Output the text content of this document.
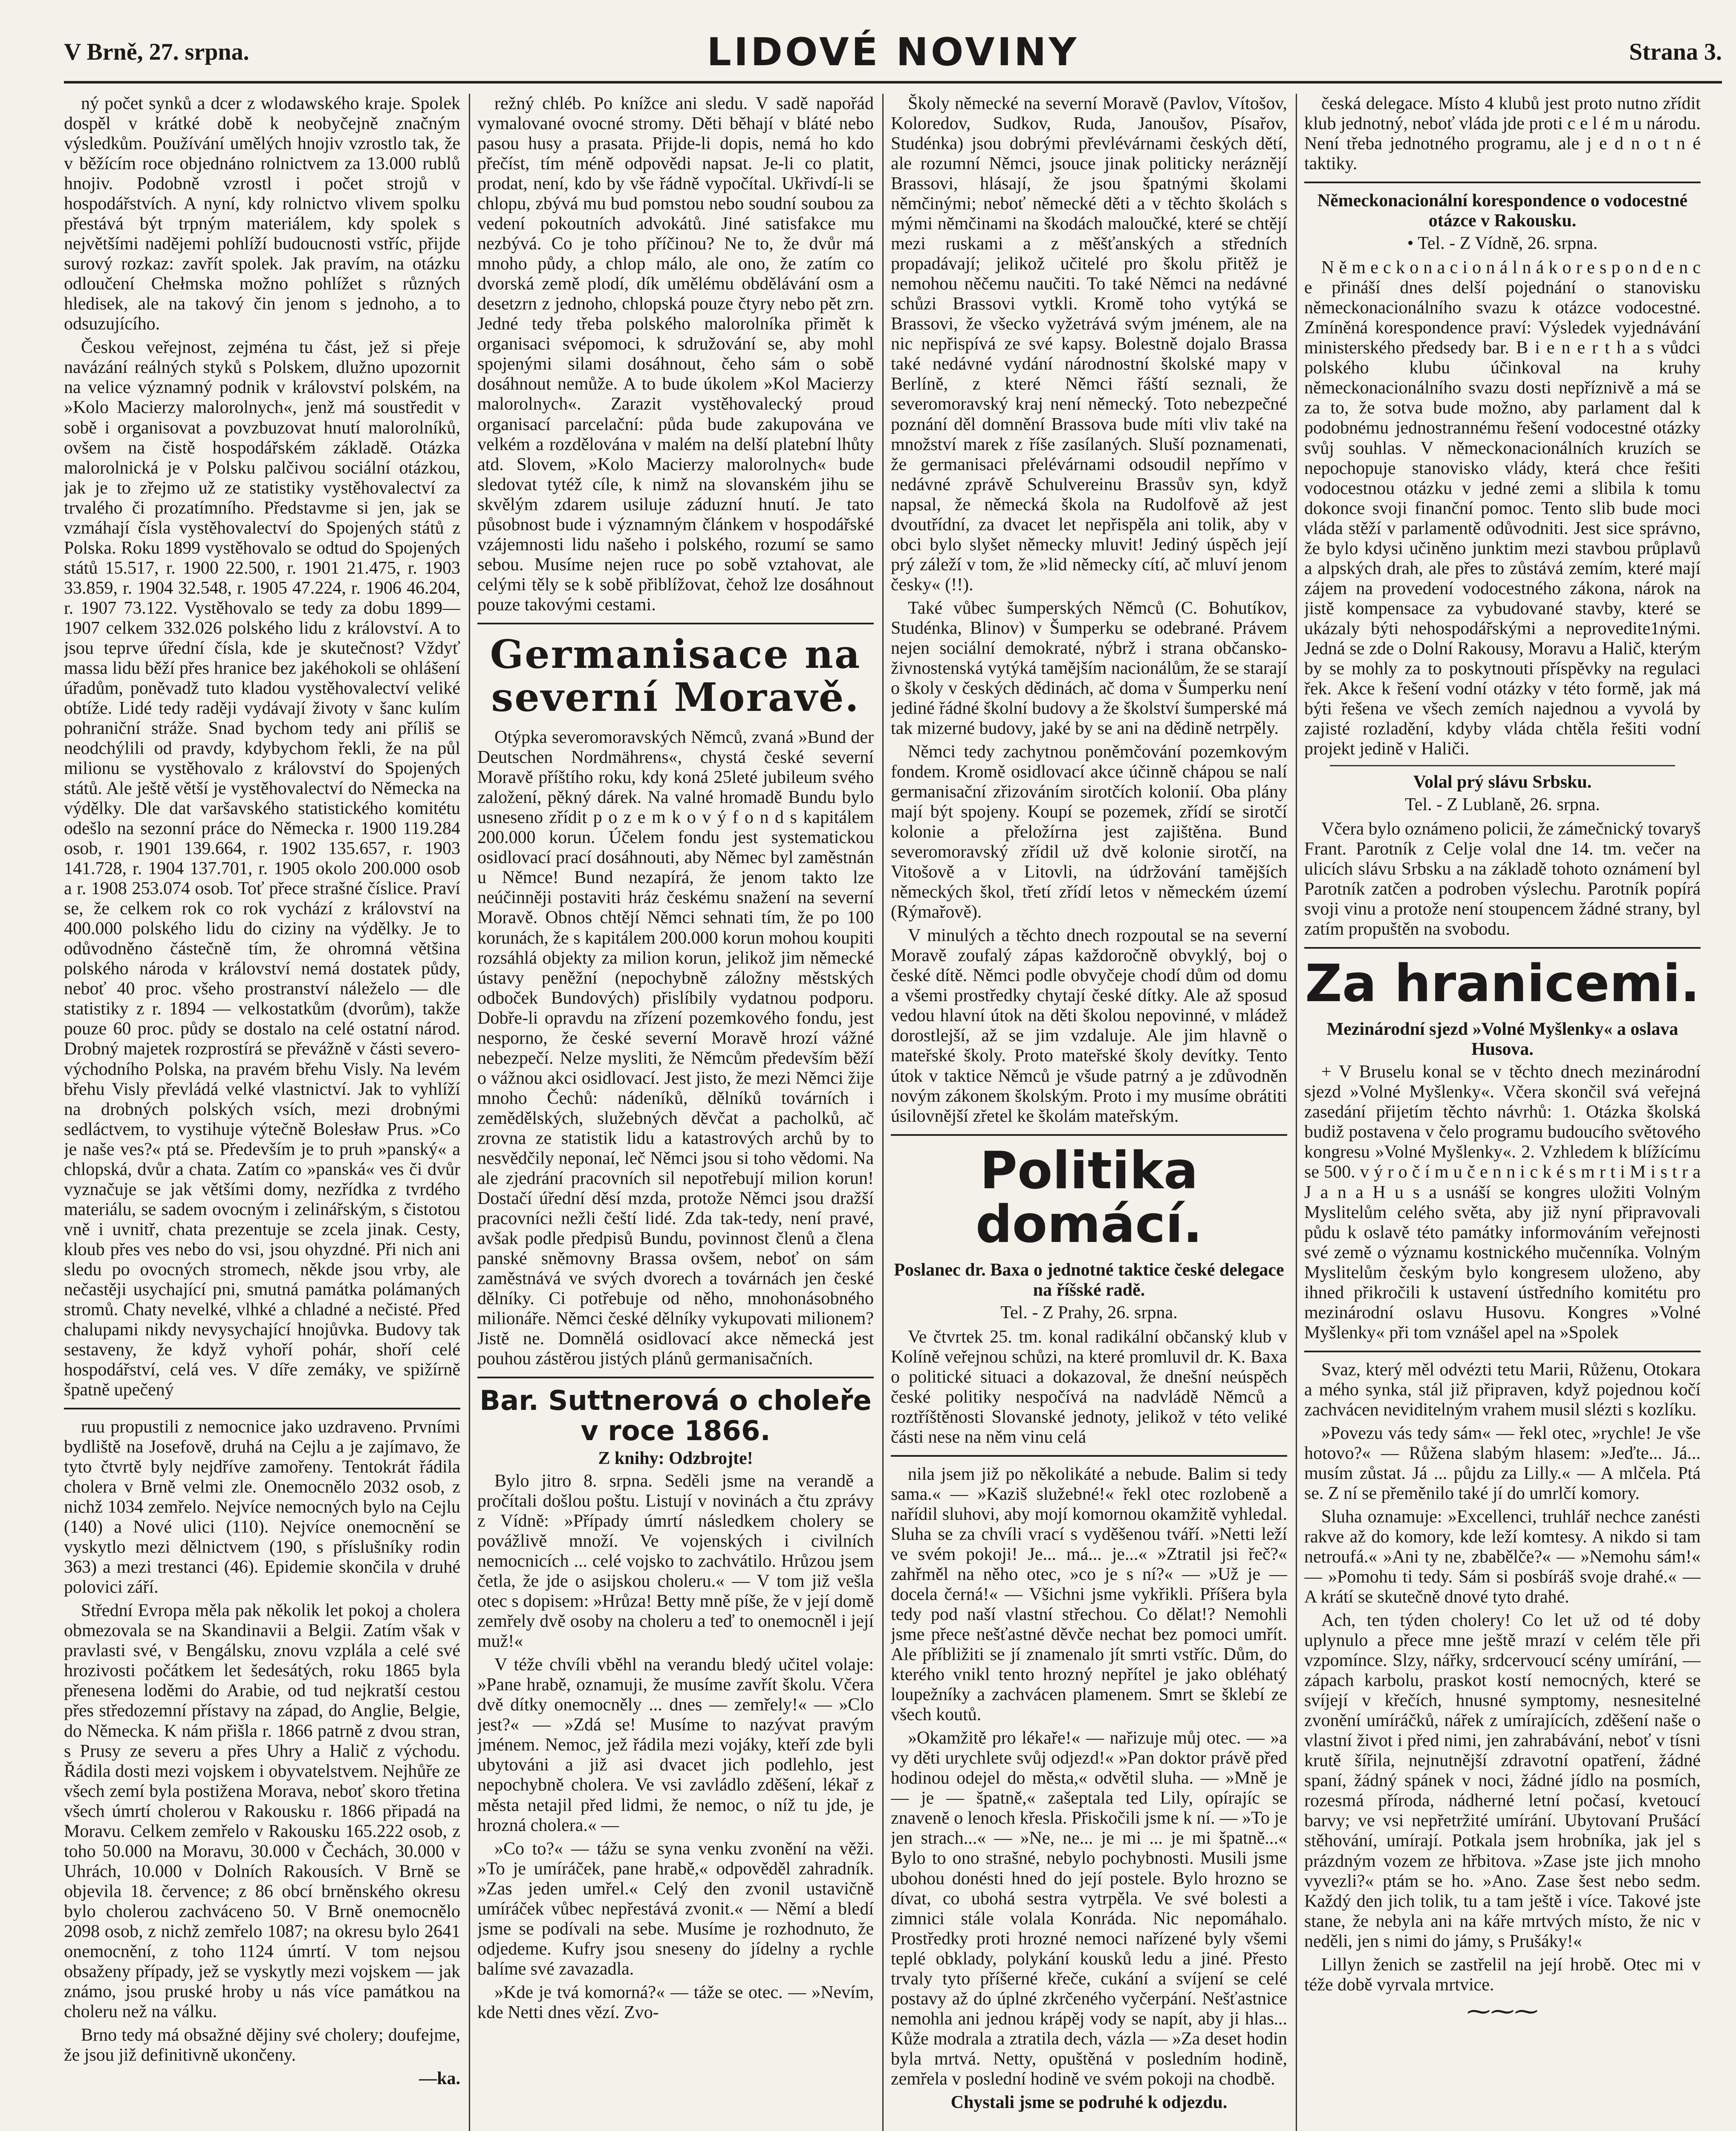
V Brně, 27. srpna.	LIDOVÉ NOVINY	Strana 3.

ný počet synků a dcer z wlodawského kraje. Spolek dospěl v krátké době k neobyčejně značným výsledkům. Používání umělých hnojiv vzrostlo tak, že v běžícím roce objednáno rolnictvem za 13.000 rublů hnojiv. Podobně vzrostl i počet strojů v hospodářstvích. A nyní, kdy rolnictvo vlivem spolku přestává být trpným materiálem, kdy spolek s největšími nadějemi pohlíží budoucnosti vstříc, přijde surový rozkaz: zavřít spolek. Jak pravím, na otázku odloučení Chełmska možno pohlížet s různých hledisek, ale na takový čin jenom s jednoho, a to odsuzujícího.

Českou veřejnost, zejména tu část, jež si přeje navázání reálných styků s Polskem, dlužno upozornit na velice významný podnik v království polském, na »Kolo Macierzy malorolnych«, jenž má soustředit v sobě i organisovat a povzbuzovat hnutí malorolníků, ovšem na čistě hospodářském základě. Otázka malorolnická je v Polsku palčivou sociální otázkou, jak je to zřejmo už ze statistiky vystěhovalectví za trvalého či prozatímního. Představme si jen, jak se vzmáhají čísla vystěhovalectví do Spojených států z Polska. Roku 1899 vystěhovalo se odtud do Spojených států 15.517, r. 1900 22.500, r. 1901 21.475, r. 1903 33.859, r. 1904 32.548, r. 1905 47.224, r. 1906 46.204, r. 1907 73.122. Vystěhovalo se tedy za dobu 1899—1907 celkem 332.026 polského lidu z království. A to jsou teprve úřední čísla, kde je skutečnost? Vždyť massa lidu běží přes hranice bez jakéhokoli se ohlášení úřadům, poněvadž tuto kladou vystěhovalectví veliké obtíže. Lidé tedy raději vydávají životy v šanc kulím pohraniční stráže. Snad bychom tedy ani příliš se neodchýlili od pravdy, kdybychom řekli, že na půl milionu se vystěhovalo z království do Spojených států. Ale ještě větší je vystěhovalectví do Německa na výdělky. Dle dat varšavského statistického komitétu odešlo na sezonní práce do Německa r. 1900 119.284 osob, r. 1901 139.664, r. 1902 135.657, r. 1903 141.728, r. 1904 137.701, r. 1905 okolo 200.000 osob a r. 1908 253.074 osob. Toť přece strašné číslice. Praví se, že celkem rok co rok vychází z království na 400.000 polského lidu do ciziny na výdělky. Je to odůvodněno částečně tím, že ohromná většina polského národa v království nemá dostatek půdy, neboť 40 proc. všeho prostranství náleželo — dle statistiky z r. 1894 — velkostatkům (dvorům), takže pouze 60 proc. půdy se dostalo na celé ostatní národ. Drobný majetek rozprostírá se převážně v části severo-východního Polska, na pravém břehu Visly. Na levém břehu Visly převládá velké vlastnictví. Jak to vyhlíží na drobných polských vsích, mezi drobnými sedláctvem, to vystihuje výtečně Bolesław Prus. »Co je naše ves?« ptá se. Především je to pruh »panský« a chlopská, dvůr a chata. Zatím co »panská« ves či dvůr vyznačuje se jak většími domy, nezřídka z tvrdého materiálu, se sadem ovocným i zelinářským, s čistotou vně i uvnitř, chata prezentuje se zcela jinak. Cesty, kloub přes ves nebo do vsi, jsou ohyzdné. Při nich ani sledu po ovocných stromech, někde jsou vrby, ale nečastěji usychající pni, smutná památka polámaných stromů. Chaty nevelké, vlhké a chladné a nečisté. Před chalupami nikdy nevysychající hnojůvka. Budovy tak sestaveny, že když vyhoří pohár, shoří celé hospodářství, celá ves. V díře zemáky, ve spižírně špatně upečený

ruu propustili z nemocnice jako uzdraveno. Prvními bydliště na Josefově, druhá na Cejlu a je zajímavo, že tyto čtvrtě byly nejdříve zamořeny. Tentokrát řádila cholera v Brně velmi zle. Onemocnělo 2032 osob, z nichž 1034 zemřelo. Nejvíce nemocných bylo na Cejlu (140) a Nové ulici (110). Nejvíce onemocnění se vyskytlo mezi dělnictvem (190, s příslušníky rodin 363) a mezi trestanci (46). Epidemie skončila v druhé polovici září.

Střední Evropa měla pak několik let pokoj a cholera obmezovala se na Skandinavii a Belgii. Zatím však v pravlasti své, v Bengálsku, znovu vzplála a celé své hrozivosti počátkem let šedesátých, roku 1865 byla přenesena loděmi do Arabie, od tud nejkratší cestou přes středozemní přístavy na západ, do Anglie, Belgie, do Německa. K nám přišla r. 1866 patrně z dvou stran, s Prusy ze severu a přes Uhry a Halič z východu. Řádila dosti mezi vojskem i obyvatelstvem. Nejhůře ze všech zemí byla postižena Morava, neboť skoro třetina všech úmrtí cholerou v Rakousku r. 1866 připadá na Moravu. Celkem zemřelo v Rakousku 165.222 osob, z toho 50.000 na Moravu, 30.000 v Čechách, 30.000 v Uhrách, 10.000 v Dolních Rakousích. V Brně se objevila 18. července; z 86 obcí brněnského okresu bylo cholerou zachváceno 50. V Brně onemocnělo 2098 osob, z nichž zemřelo 1087; na okresu bylo 2641 onemocnění, z toho 1124 úmrtí. V tom nejsou obsaženy případy, jež se vyskytly mezi vojskem — jak známo, jsou pruské hroby u nás více památkou na choleru než na válku.

Brno tedy má obsažné dějiny své cholery; doufejme, že jsou již definitivně ukončeny.

—ka.

režný chléb. Po knížce ani sledu. V sadě napořád vymalované ovocné stromy. Děti běhají v bláté nebo pasou husy a prasata. Přijde-li dopis, nemá ho kdo přečíst, tím méně odpovědi napsat. Je-li co platit, prodat, není, kdo by vše řádně vypočítal. Ukřivdí-li se chlopu, zbývá mu bud pomstou nebo soudní soubou za vedení pokoutních advokátů. Jiné satisfakce mu nezbývá. Co je toho příčinou? Ne to, že dvůr má mnoho půdy, a chlop málo, ale ono, že zatím co dvorská země plodí, dík umělému obdělávání osm a desetzrn z jednoho, chlopská pouze čtyry nebo pět zrn. Jedné tedy třeba polského malorolníka přimět k organisaci svépomoci, k sdružování se, aby mohl spojenými silami dosáhnout, čeho sám o sobě dosáhnout nemůže. A to bude úkolem »Kol Macierzy malorolnych«. Zarazit vystěhovalecký proud organisací parcelační: půda bude zakupována ve velkém a rozdělována v malém na delší platební lhůty atd. Slovem, »Kolo Macierzy malorolnych« bude sledovat tytéž cíle, k nimž na slovanském jihu se skvělým zdarem usiluje záduzní hnutí. Je tato působnost bude i významným článkem v hospodářské vzájemnosti lidu našeho i polského, rozumí se samo sebou. Musíme nejen ruce po sobě vztahovat, ale celými těly se k sobě přiblížovat, čehož lze dosáhnout pouze takovými cestami.

Germanisace na severní Moravě.

Otýpka severomoravských Němců, zvaná »Bund der Deutschen Nordmährens«, chystá české severní Moravě příštího roku, kdy koná 25leté jubileum svého založení, pěkný dárek. Na valné hromadě Bundu bylo usneseno zřídit p o z e m k o v ý f o n d s kapitálem 200.000 korun. Účelem fondu jest systematickou osidlovací prací dosáhnouti, aby Němec byl zaměstnán u Němce! Bund nezapírá, že jenom takto lze neúčinněji postaviti hráz českému snažení na severní Moravě. Obnos chtějí Němci sehnati tím, že po 100 korunách, že s kapitálem 200.000 korun mohou koupiti rozsáhlá objekty za milion korun, jelikož jim německé ústavy peněžní (nepochybně záložny městských odboček Bundových) přislíbily vydatnou podporu. Dobře-li opravdu na zřízení pozemkového fondu, jest nesporno, že české severní Moravě hrozí vážné nebezpečí. Nelze mysliti, že Němcům především běží o vážnou akci osidlovací. Jest jisto, že mezi Němci žije mnoho Čechů: nádeníků, dělníků továrních i zemědělských, služebných děvčat a pacholků, ač zrovna ze statistik lidu a katastrových archů by to nesvědčily neponaí, leč Němci jsou si toho vědomi. Na ale zjedrání pracovních sil nepotřebují milion korun! Dostačí úřední děsí mzda, protože Němci jsou dražší pracovníci nežli čeští lidé. Zda tak-tedy, není pravé, avšak podle předpisů Bundu, povinnost členů a člena panské sněmovny Brassa ovšem, neboť on sám zaměstnává ve svých dvorech a továrnách jen české dělníky. Ci potřebuje od něho, mnohonásobného milionáře. Němci české dělníky vykupovati milionem? Jistě ne. Domnělá osidlovací akce německá jest pouhou zástěrou jistých plánů germanisačních.

Bar. Suttnerová o choleře v roce 1866.
Z knihy: Odzbrojte!

Bylo jitro 8. srpna. Seděli jsme na verandě a pročítali došlou poštu. Listují v novinách a čtu zprávy z Vídně: »Případy úmrtí následkem cholery se povážlivě množí. Ve vojenských i civilních nemocnicích ... celé vojsko to zachvátilo. Hrůzou jsem četla, že jde o asijskou choleru.« — V tom již vešla otec s dopisem: »Hrůza! Betty mně píše, že v její domě zemřely dvě osoby na choleru a teď to onemocněl i její muž!«

V téže chvíli vběhl na verandu bledý učitel volaje: »Pane hrabě, oznamuji, že musíme zavřít školu. Včera dvě dítky onemocněly ... dnes — zemřely!« — »Clo jest?« — »Zdá se! Musíme to nazývat pravým jménem. Nemoc, jež řádila mezi vojáky, kteří zde byli ubytováni a již asi dvacet jich podlehlo, jest nepochybně cholera. Ve vsi zavládlo zděšení, lékař z města netajil před lidmi, že nemoc, o níž tu jde, je hrozná cholera.« —

»Co to?« — tážu se syna venku zvonění na věži. »To je umíráček, pane hrabě,« odpověděl zahradník. »Zas jeden umřel.« Celý den zvonil ustavičně umíráček vůbec nepřestává zvonit.« — Němí a bledí jsme se podívali na sebe. Musíme je rozhodnuto, že odjedeme. Kufry jsou sneseny do jídelny a rychle balíme své zavazadla.

»Kde je tvá komorná?« — táže se otec. — »Nevím, kde Netti dnes vězí. Zvo-

Školy německé na severní Moravě (Pavlov, Vítošov, Koloredov, Sudkov, Ruda, Janoušov, Písařov, Studénka) jsou dobrými převlévárnami českých dětí, ale rozumní Němci, jsouce jinak politicky neráznějí Brassovi, hlásají, že jsou špatnými školami němčinými; neboť německé děti a v těchto školách s mými němčinami na škodách maloučké, které se chtějí mezi ruskami a z měšťanských a středních propadávají; jelikož učitelé pro školu přitěž je nemohou něčemu naučiti. To také Němci na nedávné schůzi Brassovi vytkli. Kromě toho vytýká se Brassovi, že všecko vyžetrává svým jménem, ale na nic nepřispívá ze své kapsy. Bolestně dojalo Brassa také nedávné vydání národnostní školské mapy v Berlíně, z které Němci řáští seznali, že severomoravský kraj není německý. Toto nebezpečné poznání děl domnění Brassova bude míti vliv také na množství marek z říše zasílaných. Sluší poznamenati, že germanisaci přelévárnami odsoudil nepřímo v nedávné zprávě Schulvereinu Brassův syn, když napsal, že německá škola na Rudolfově až jest dvoutřídní, za dvacet let nepřispěla ani tolik, aby v obci bylo slyšet německy mluvit! Jediný úspěch její prý záleží v tom, že »lid německy cítí, ač mluví jenom česky« (!!).

Také vůbec šumperských Němců (C. Bohutíkov, Studénka, Blinov) v Šumperku se odebrané. Právem nejen sociální demokraté, nýbrž i strana občansko-živnostenská vytýká tamějším nacionálům, že se starají o školy v českých dědinách, ač doma v Šumperku není jediné řádné školní budovy a že školství šumperské má tak mizerné budovy, jaké by se ani na dědině netrpěly.

Němci tedy zachytnou poněmčování pozemkovým fondem. Kromě osidlovací akce účinně chápou se nalí germanisační zřizováním sirotčích kolonií. Oba plány mají být spojeny. Koupí se pozemek, zřídí se sirotčí kolonie a přeložírna jest zajištěna. Bund severomoravský zřídil už dvě kolonie sirotčí, na Vitošově a v Litovli, na údržování tamějších německých škol, třetí zřídí letos v německém území (Rýmařově).

V minulých a těchto dnech rozpoutal se na severní Moravě zoufalý zápas každoročně obvyklý, boj o české dítě. Němci podle obvyčeje chodí dům od domu a všemi prostředky chytají české dítky. Ale až sposud vedou hlavní útok na děti školou nepovinné, v mládež dorostlejší, až se jim vzdaluje. Ale jim hlavně o mateřské školy. Proto mateřské školy devítky. Tento útok v taktice Němců je všude patrný a je zdůvodněn novým zákonem školským. Proto i my musíme obrátiti úsilovnější zřetel ke školám mateřským.

Politika domácí.
Poslanec dr. Baxa o jednotné taktice české delegace na říšské radě.
Tel. - Z Prahy, 26. srpna.

Ve čtvrtek 25. tm. konal radikální občanský klub v Kolíně veřejnou schůzi, na které promluvil dr. K. Baxa o politické situaci a dokazoval, že dnešní neúspěch české politiky nespočívá na nadvládě Němců a roztříštěnosti Slovanské jednoty, jelikož v této veliké části nese na něm vinu celá

nila jsem již po několikáté a nebude. Balim si tedy sama.« — »Kaziš služebné!« řekl otec rozlobeně a nařídil sluhovi, aby mojí komornou okamžitě vyhledal. Sluha se za chvíli vrací s vyděšenou tváří. »Netti leží ve svém pokoji! Je... má... je...« »Ztratil jsi řeč?« zahřměl na něho otec, »co je s ní?« — »Už je — docela černá!« — Všichni jsme vykřikli. Příšera byla tedy pod naší vlastní střechou. Co dělat!? Nemohli jsme přece nešťastné děvče nechat bez pomoci umřít. Ale příbližiti se jí znamenalo jít smrti vstříc. Dům, do kterého vnikl tento hrozný nepřítel je jako obléhatý loupežníky a zachvácen plamenem. Smrt se šklebí ze všech koutů.

»Okamžitě pro lékaře!« — nařizuje můj otec. — »a vy děti urychlete svůj odjezd!« »Pan doktor právě před hodinou odejel do města,« odvětil sluha. — »Mně je — je — špatně,« zašeptala ted Lily, opírajíc se znaveně o lenoch křesla. Přiskočili jsme k ní. — »To je jen strach...« — »Ne, ne... je mi ... je mi špatně...« Bylo to ono strašné, nebylo pochybnosti. Musili jsme ubohou donésti hned do její postele. Bylo hrozno se dívat, co ubohá sestra vytrpěla. Ve své bolesti a zimnici stále volala Konráda. Nic nepomáhalo. Prostředky proti hrozné nemoci nařízené byly všemi teplé obklady, polykání kousků ledu a jiné. Přesto trvaly tyto příšerné křeče, cukání a svíjení se celé postavy až do úplné zkrčeného vyčerpání. Nešťastnice nemohla ani jednou krápěj vody se napít, aby ji hlas... Kůže modrala a ztratila dech, vázla — »Za deset hodin byla mrtvá. Netty, opuštěná v posledním hodině, zemřela v poslední hodině ve svém pokoji na chodbě.

Chystali jsme se podruhé k odjezdu.

česká delegace. Místo 4 klubů jest proto nutno zřídit klub jednotný, neboť vláda jde proti c e l é m u národu. Není třeba jednotného programu, ale j e d n o t n é taktiky.

Německonacionální korespondence o vodocestné otázce v Rakousku.
• Tel. - Z Vídně, 26. srpna.

N ě m e c k o n a c i o n á l n á k o r e s p o n d e n c e přináší dnes delší pojednání o stanovisku německonacionálního svazu k otázce vodocestné. Zmíněná korespondence praví: Výsledek vyjednávání ministerského předsedy bar. B i e n e r t h a s vůdci polského klubu účinkoval na kruhy německonacionálního svazu dosti nepříznivě a má se za to, že sotva bude možno, aby parlament dal k podobnému jednostrannému řešení vodocestné otázky svůj souhlas. V německonacionálních kruzích se nepochopuje stanovisko vlády, která chce řešiti vodocestnou otázku v jedné zemi a slibila k tomu dokonce svoji finanční pomoc. Tento slib bude moci vláda stěží v parlamentě odůvodniti. Jest sice správno, že bylo kdysi učiněno junktim mezi stavbou průplavů a alpských drah, ale přes to zůstává zemím, které mají zájem na provedení vodocestného zákona, nárok na jistě kompensace za vybudované stavby, které se ukázaly býti nehospodářskými a neprovedite1nými. Jedná se zde o Dolní Rakousy, Moravu a Halič, kterým by se mohly za to poskytnouti příspěvky na regulaci řek. Akce k řešení vodní otázky v této formě, jak má býti řešena ve všech zemích najednou a vyvolá by zajisté rozladění, kdyby vláda chtěla řešiti vodní projekt jedině v Haliči.

Volal prý slávu Srbsku.
Tel. - Z Lublaně, 26. srpna.

Včera bylo oznámeno policii, že zámečnický tovaryš Frant. Parotník z Celje volal dne 14. tm. večer na ulicích slávu Srbsku a na základě tohoto oznámení byl Parotník zatčen a podroben výslechu. Parotník popírá svoji vinu a protože není stoupencem žádné strany, byl zatím propuštěn na svobodu.

Za hranicemi.
Mezinárodní sjezd »Volné Myšlenky« a oslava Husova.

+ V Bruselu konal se v těchto dnech mezinárodní sjezd »Volné Myšlenky«. Včera skončil svá veřejná zasedání přijetím těchto návrhů: 1. Otázka školská budiž postavena v čelo programu budoucího světového kongresu »Volné Myšlenky«. 2. Vzhledem k blížícímu se 500. v ý r o č í m u č e n n i c k é s m r t i M i s t r a J a n a H u s a usnáší se kongres uložiti Volným Myslitelům celého světa, aby již nyní připravovali půdu k oslavě této památky informováním veřejnosti své země o významu kostnického mučenníka. Volným Myslitelům českým bylo kongresem uloženo, aby ihned přikročili k ustavení ústředního komitétu pro mezinárodní oslavu Husovu. Kongres »Volné Myšlenky« při tom vznášel apel na »Spolek

Svaz, který měl odvézti tetu Marii, Růženu, Otokara a mého synka, stál již připraven, když pojednou kočí zachvácen neviditelným vrahem musil slézti s kozlíku.

»Povezu vás tedy sám« — řekl otec, »rychle! Je vše hotovo?« — Růžena slabým hlasem: »Jeďte... Já... musím zůstat. Já ... půjdu za Lilly.« — A mlčela. Ptá se. Z ní se přeměnilo také jí do umrlčí komory.

Sluha oznamuje: »Excellenci, truhlář nechce zanésti rakve až do komory, kde leží komtesy. A nikdo si tam netroufá.« »Ani ty ne, zbabělče?« — »Nemohu sám!« — »Pomohu ti tedy. Sám si posbíráš svoje drahé.« — A krátí se skutečně dnové tyto drahé.

Ach, ten týden cholery! Co let už od té doby uplynulo a přece mne ještě mrazí v celém těle při vzpomínce. Slzy, nářky, srdcervoucí scény umírání, — zápach karbolu, praskot kostí nemocných, které se svíjejí v křečích, hnusné symptomy, nesnesitelné zvonění umíráčků, nářek z umírajících, zděšení naše o vlastní život i před nimi, jen zahrabávání, neboť v tísni krutě šířila, nejnutnější zdravotní opatření, žádné spaní, žádný spánek v noci, žádné jídlo na posmích, rozesmá příroda, nádherné letní počasí, kvetoucí barvy; ve vsi nepřetržité umírání. Ubytovaní Prušácí stěhování, umírají. Potkala jsem hrobníka, jak jel s prázdným vozem ze hřbitova. »Zase jste jich mnoho vyvezli?« ptám se ho. »Ano. Zase šest nebo sedm. Každý den jich tolik, tu a tam ještě i více. Takové jste stane, že nebyla ani na káře mrtvých místo, že nic v neděli, jen s nimi do jámy, s Prušáky!«

Lillyn ženich se zastřelil na její hrobě. Otec mi v téže době vyrvala mrtvice.

⁓⁓⁓
